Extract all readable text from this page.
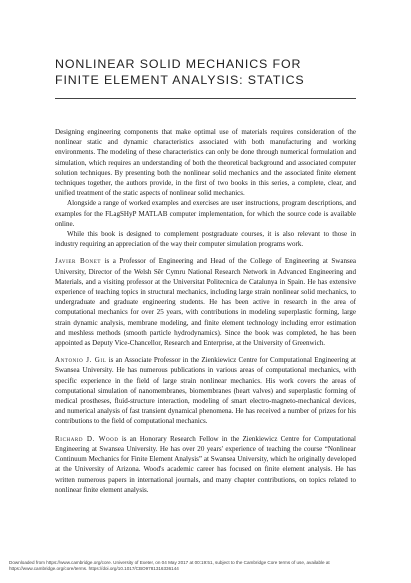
NONLINEAR SOLID MECHANICS FOR
FINITE ELEMENT ANALYSIS: STATICS

Designing engineering components that make optimal use of materials requires consideration of the nonlinear static and dynamic characteristics associated with both manufacturing and working environments. The modeling of these characteristics can only be done through numerical formulation and simulation, which requires an understanding of both the theoretical background and associated computer solution techniques. By presenting both the nonlinear solid mechanics and the associated finite element techniques together, the authors provide, in the first of two books in this series, a complete, clear, and unified treatment of the static aspects of nonlinear solid mechanics.

Alongside a range of worked examples and exercises are user instructions, program descriptions, and examples for the FLagSHyP MATLAB computer implementation, for which the source code is available online.

While this book is designed to complement postgraduate courses, it is also relevant to those in industry requiring an appreciation of the way their computer simulation programs work.

Javier Bonet is a Professor of Engineering and Head of the College of Engineering at Swansea University, Director of the Welsh Sêr Cymru National Research Network in Advanced Engineering and Materials, and a visiting professor at the Universitat Politecnica de Catalunya in Spain. He has extensive experience of teaching topics in structural mechanics, including large strain nonlinear solid mechanics, to undergraduate and graduate engineering students. He has been active in research in the area of computational mechanics for over 25 years, with contributions in modeling superplastic forming, large strain dynamic analysis, membrane modeling, and finite element technology including error estimation and meshless methods (smooth particle hydrodynamics). Since the book was completed, he has been appointed as Deputy Vice-Chancellor, Research and Enterprise, at the University of Greenwich.

Antonio J. Gil is an Associate Professor in the Zienkiewicz Centre for Computational Engineering at Swansea University. He has numerous publications in various areas of computational mechanics, with specific experience in the field of large strain nonlinear mechanics. His work covers the areas of computational simulation of nanomembranes, biomembranes (heart valves) and superplastic forming of medical prostheses, fluid-structure interaction, modeling of smart electro-magneto-mechanical devices, and numerical analysis of fast transient dynamical phenomena. He has received a number of prizes for his contributions to the field of computational mechanics.

Richard D. Wood is an Honorary Research Fellow in the Zienkiewicz Centre for Computational Engineering at Swansea University. He has over 20 years' experience of teaching the course “Nonlinear Continuum Mechanics for Finite Element Analysis” at Swansea University, which he originally developed at the University of Arizona. Wood's academic career has focused on finite element analysis. He has written numerous papers in international journals, and many chapter contributions, on topics related to nonlinear finite element analysis.

Downloaded from https://www.cambridge.org/core. University of Exeter, on 04 May 2017 at 00:19:51, subject to the Cambridge Core terms of use, available at
https://www.cambridge.org/core/terms. https://doi.org/10.1017/CBO9781316336144
